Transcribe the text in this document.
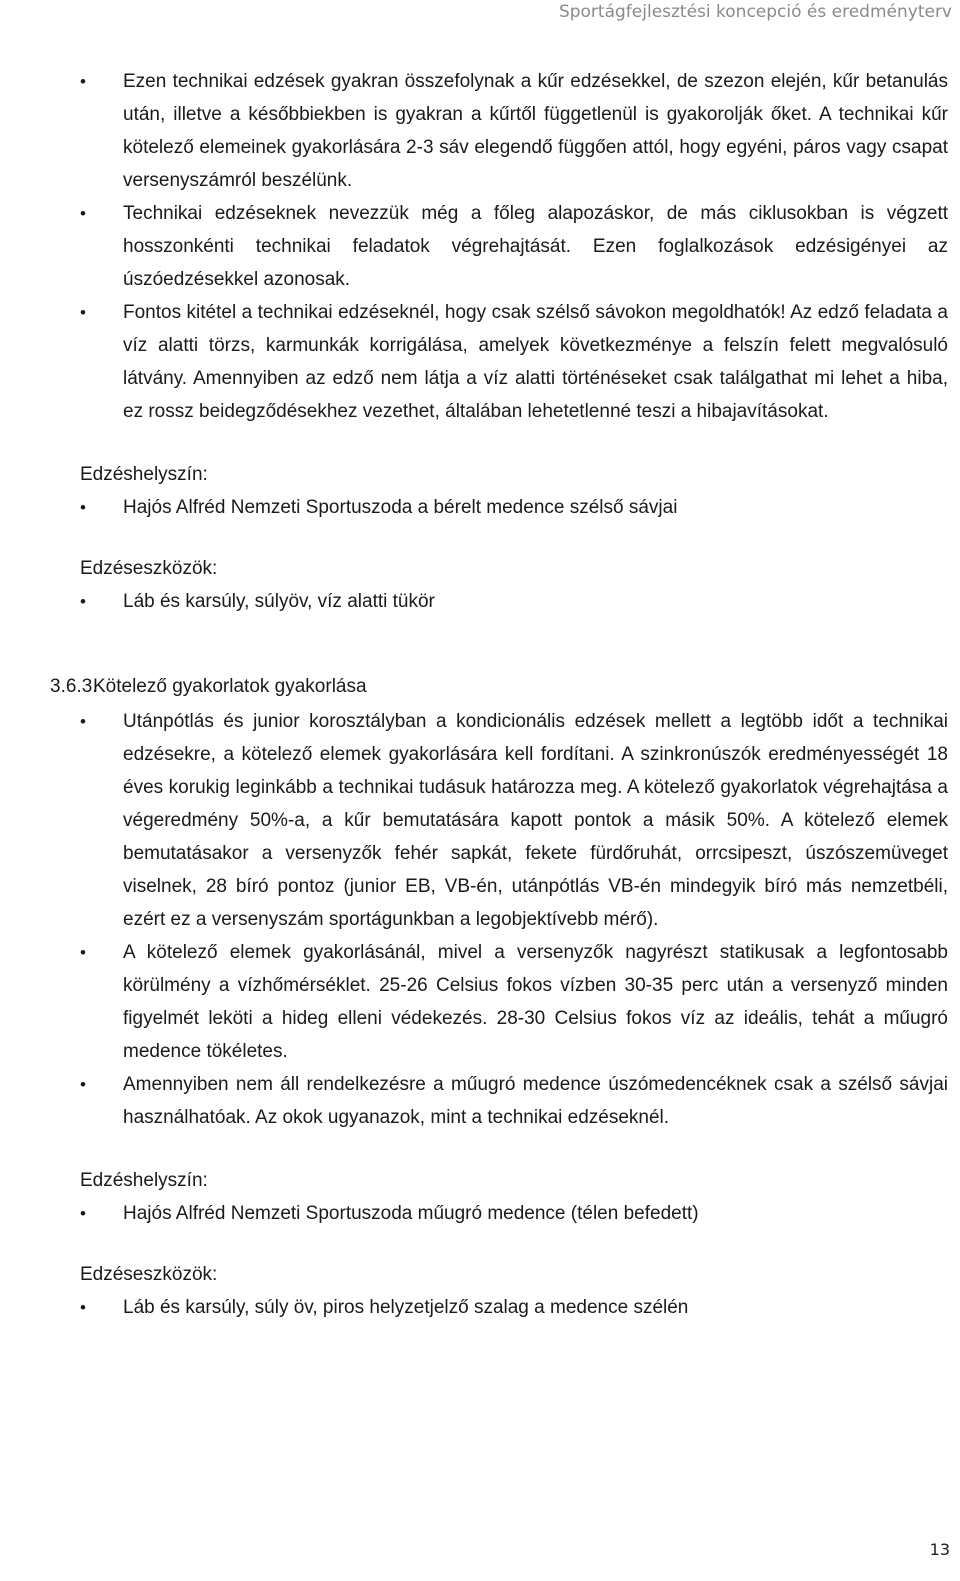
Sportágfejlesztési koncepció és eredményterv
• Ezen technikai edzések gyakran összefolynak a kűr edzésekkel, de szezon elején, kűr betanulás után, illetve a későbbiekben is gyakran a kűrtől függetlenül is gyakorolják őket. A technikai kűr kötelező elemeinek gyakorlására 2-3 sáv elegendő függően attól, hogy egyéni, páros vagy csapat versenyszámról beszélünk.
• Technikai edzéseknek nevezzük még a főleg alapozáskor, de más ciklusokban is végzett hosszonkénti technikai feladatok végrehajtását. Ezen foglalkozások edzésigényei az úszóedzésekkel azonosak.
• Fontos kitétel a technikai edzéseknél, hogy csak szélső sávokon megoldhatók! Az edző feladata a víz alatti törzs, karmunkák korrigálása, amelyek következménye a felszín felett megvalósuló látvány. Amennyiben az edző nem látja a víz alatti történéseket csak találgathat mi lehet a hiba, ez rossz beidegződésekhez vezethet, általában lehetetlenné teszi a hibajavításokat.

Edzéshelyszín:

• Hajós Alfréd Nemzeti Sportuszoda a bérelt medence szélső sávjai

Edzéseszközök:

• Láb és karsúly, súlyöv, víz alatti tükör

3.6.3.Kötelező gyakorlatok gyakorlása

• Utánpótlás és junior korosztályban a kondicionális edzések mellett a legtöbb időt a technikai edzésekre, a kötelező elemek gyakorlására kell fordítani. A szinkronúszók eredményességét 18 éves korukig leginkább a technikai tudásuk határozza meg. A kötelező gyakorlatok végrehajtása a végeredmény 50%-a, a kűr bemutatására kapott pontok a másik 50%. A kötelező elemek bemutatásakor a versenyzők fehér sapkát, fekete fürdőruhát, orrcsipeszt, úszószemüveget viselnek, 28 bíró pontoz (junior EB, VB-én, utánpótlás VB-én mindegyik bíró más nemzetbéli, ezért ez a versenyszám sportágunkban a legobjektívebb mérő).
• A kötelező elemek gyakorlásánál, mivel a versenyzők nagyrészt statikusak a legfontosabb körülmény a vízhőmérséklet. 25-26 Celsius fokos vízben 30-35 perc után a versenyző minden figyelmét leköti a hideg elleni védekezés. 28-30 Celsius fokos víz az ideális, tehát a műugró medence tökéletes.
• Amennyiben nem áll rendelkezésre a műugró medence úszómedencéknek csak a szélső sávjai használhatóak. Az okok ugyanazok, mint a technikai edzéseknél.

Edzéshelyszín:

• Hajós Alfréd Nemzeti Sportuszoda műugró medence (télen befedett)

Edzéseszközök:

• Láb és karsúly, súly öv, piros helyzetjelző szalag a medence szélén
13
